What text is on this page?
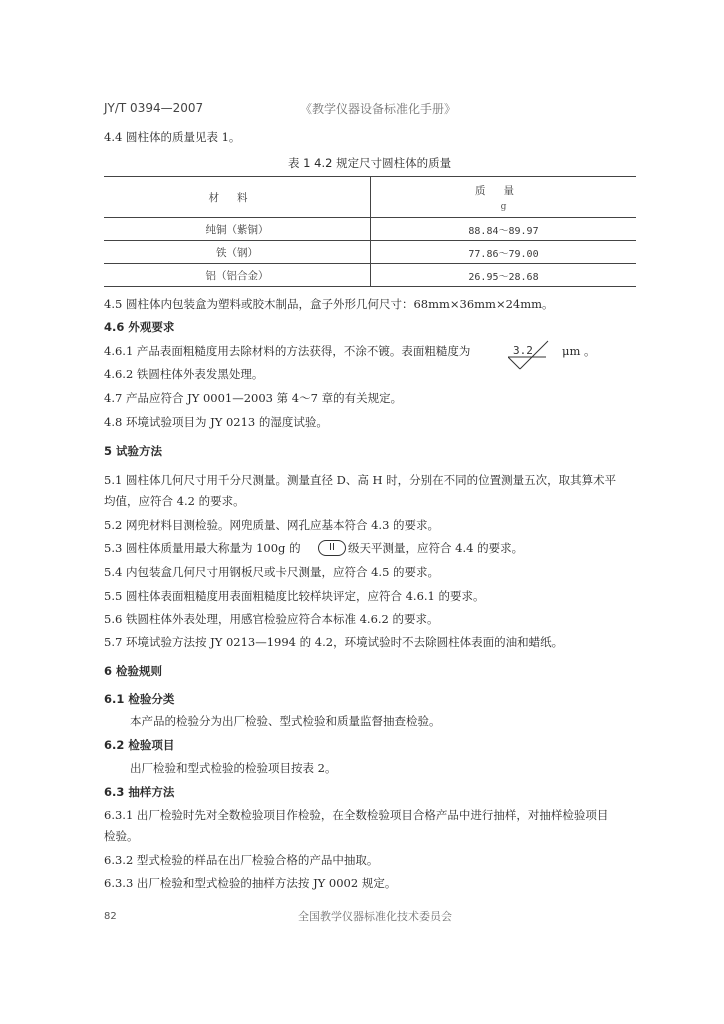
JY/T 0394—2007	《教学仪器设备标准化手册》
4.4 圆柱体的质量见表 1。
表 1 4.2 规定尺寸圆柱体的质量
材料	质量
g

纯铜（紫铜）	88.84～89.97
铁（钢）	77.86～79.00
铝（铝合金）	26.95～28.68
4.5 圆柱体内包装盒为塑料或胶木制品，盒子外形几何尺寸：68mm×36mm×24mm。
4.6 外观要求
4.6.1 产品表面粗糙度用去除材料的方法获得，不涂不镀。表面粗糙度为	3.2	μm 。
4.6.2 铁圆柱体外表发黑处理。
4.7 产品应符合 JY 0001—2003 第 4～7 章的有关规定。
4.8 环境试验项目为 JY 0213 的湿度试验。
5 试验方法
5.1 圆柱体几何尺寸用千分尺测量。测量直径 D、高 H 时，分别在不同的位置测量五次，取其算术平
均值，应符合 4.2 的要求。
5.2 网兜材料目测检验。网兜质量、网孔应基本符合 4.3 的要求。
5.3 圆柱体质量用最大称量为 100g 的	II	级天平测量，应符合 4.4 的要求。
5.4 内包装盒几何尺寸用钢板尺或卡尺测量，应符合 4.5 的要求。
5.5 圆柱体表面粗糙度用表面粗糙度比较样块评定，应符合 4.6.1 的要求。
5.6 铁圆柱体外表处理，用感官检验应符合本标准 4.6.2 的要求。
5.7 环境试验方法按 JY 0213—1994 的 4.2，环境试验时不去除圆柱体表面的油和蜡纸。
6 检验规则
6.1 检验分类
本产品的检验分为出厂检验、型式检验和质量监督抽查检验。
6.2 检验项目
出厂检验和型式检验的检验项目按表 2。
6.3 抽样方法
6.3.1 出厂检验时先对全数检验项目作检验，在全数检验项目合格产品中进行抽样，对抽样检验项目
检验。
6.3.2 型式检验的样品在出厂检验合格的产品中抽取。
6.3.3 出厂检验和型式检验的抽样方法按 JY 0002 规定。
82	全国教学仪器标准化技术委员会
